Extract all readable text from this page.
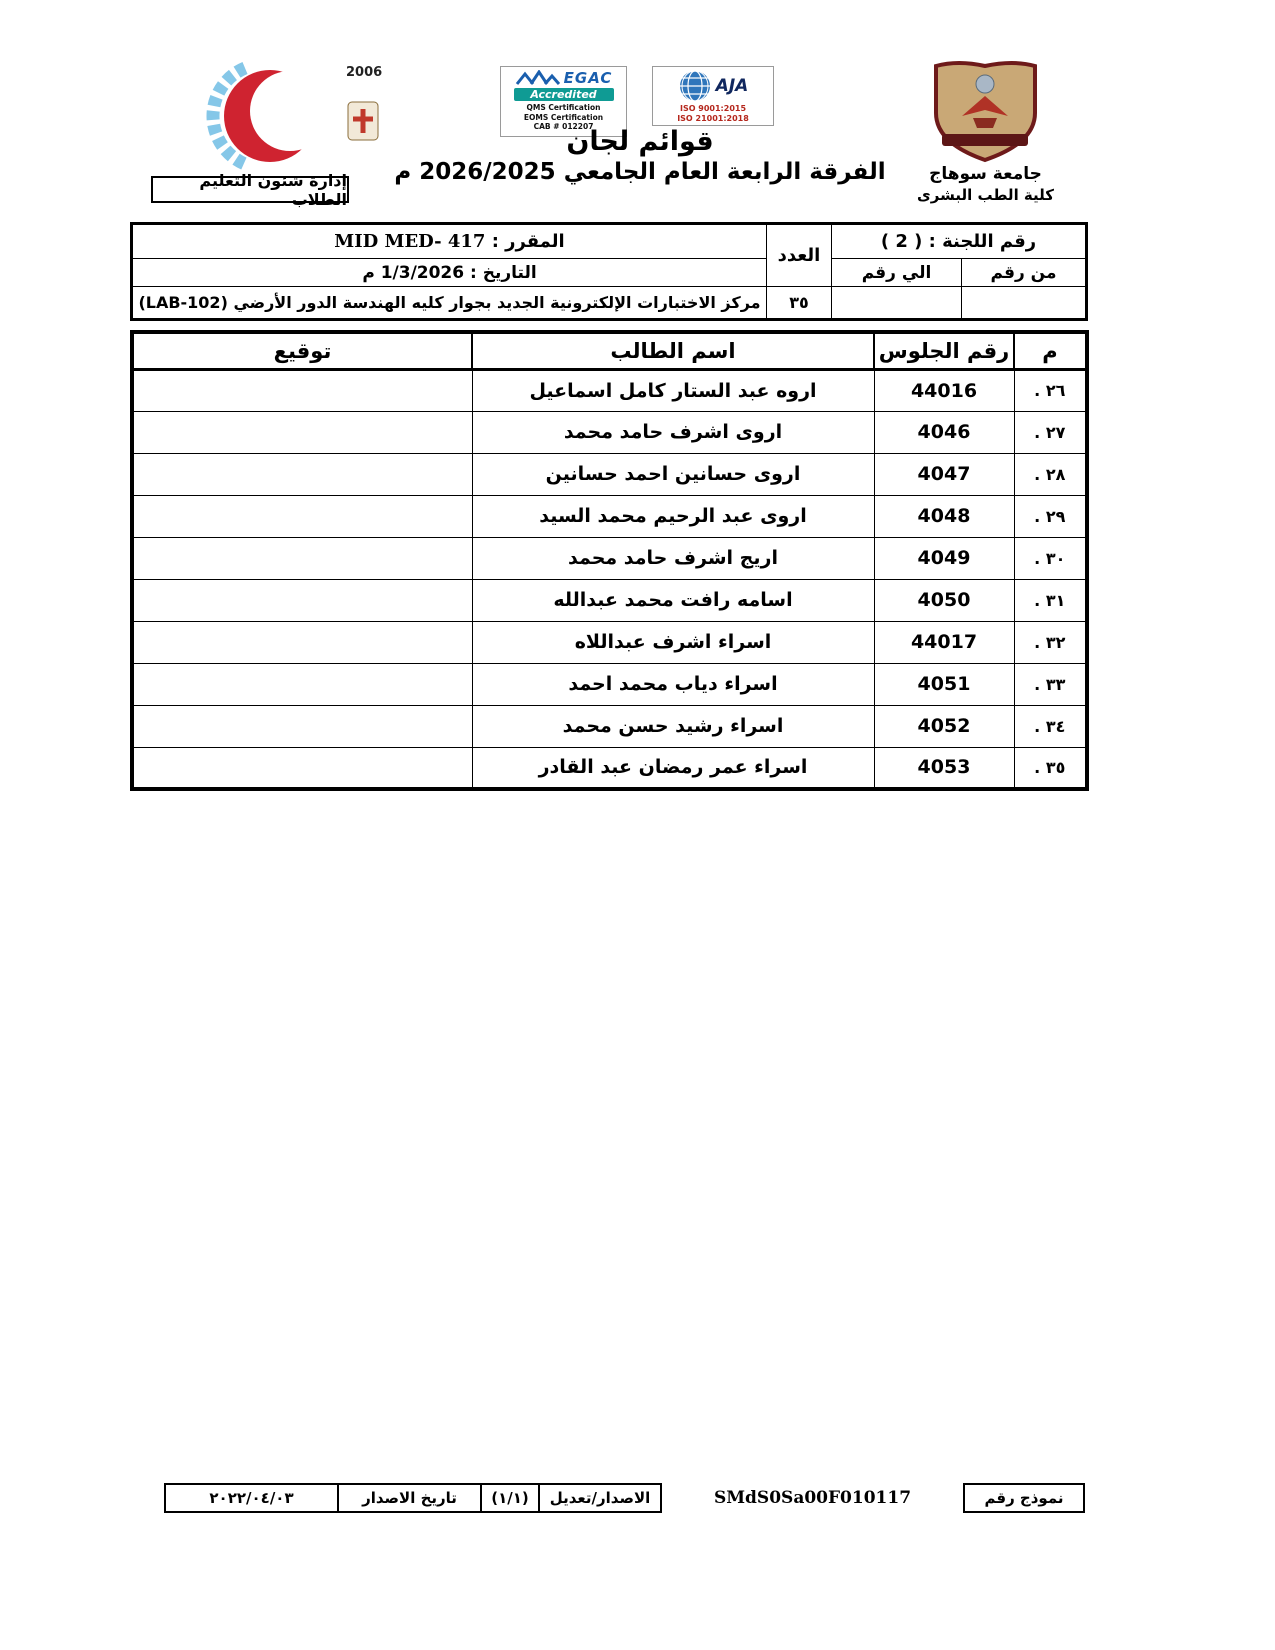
2006
إدارة شئون التعليم الطلاب
EGAC
Accredited
QMS Certification
EOMS Certification
CAB # 012207
AJA
ISO 9001:2015
ISO 21001:2018
قوائم لجان
الفرقة الرابعة العام الجامعي 2026/2025 م	جامعة سوهاج
كلية الطب البشرى
رقم اللجنة : ( 2 )		العدد	المقرر : MID MED- 417
من رقم	الي رقم		التاريخ : 1/3/2026 م
		٣٥	مركز الاختبارات الإلكترونية الجديد بجوار كليه الهندسة الدور الأرضي (LAB-102)
م	رقم الجلوس	اسم الطالب	توقيع
٢٦ .	44016	اروه عبد الستار كامل اسماعيل	
٢٧ .	4046	اروى اشرف حامد محمد	
٢٨ .	4047	اروى حسانين احمد حسانين	
٢٩ .	4048	اروى عبد الرحيم محمد السيد	
٣٠ .	4049	اريج اشرف حامد محمد	
٣١ .	4050	اسامه رافت محمد عبدالله	
٣٢ .	44017	اسراء اشرف عبداللاه	
٣٣ .	4051	اسراء دياب محمد احمد	
٣٤ .	4052	اسراء رشيد حسن محمد	
٣٥ .	4053	اسراء عمر رمضان عبد القادر	
نموذج رقم
SMdS0Sa00F010117
الاصدار/تعديل
(١/١)
تاريخ الاصدار
٢٠٢٢/٠٤/٠٣
